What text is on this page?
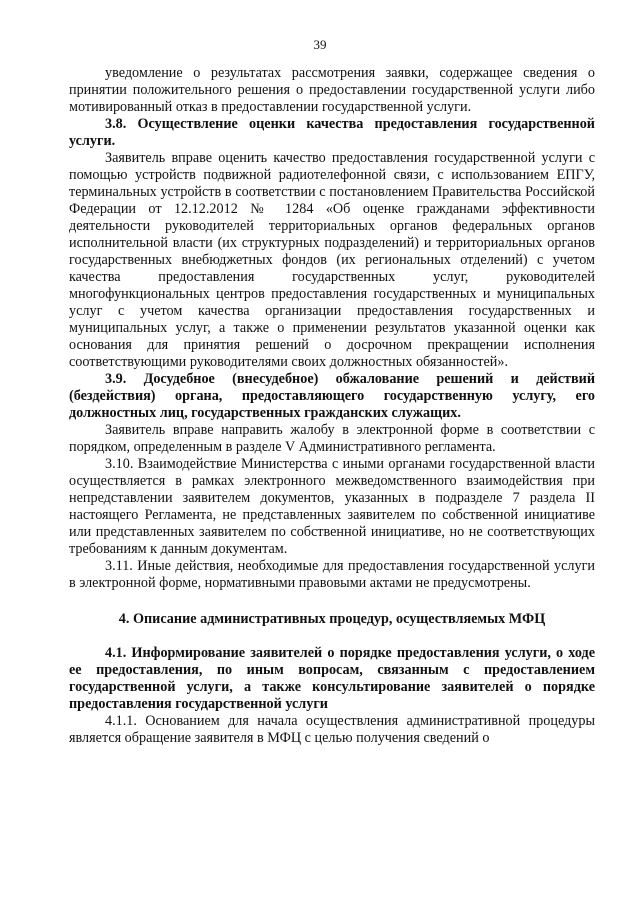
39

уведомление о результатах рассмотрения заявки, содержащее сведения о принятии положительного решения о предоставлении государственной услуги либо мотивированный отказ в предоставлении государственной услуги.

3.8. Осуществление оценки качества предоставления государственной услуги.

Заявитель вправе оценить качество предоставления государственной услуги с помощью устройств подвижной радиотелефонной связи, с использованием ЕПГУ, терминальных устройств в соответствии с постановлением Правительства Российской Федерации от 12.12.2012 № 1284 «Об оценке гражданами эффективности деятельности руководителей территориальных органов федеральных органов исполнительной власти (их структурных подразделений) и территориальных органов государственных внебюджетных фондов (их региональных отделений) с учетом качества предоставления государственных услуг, руководителей многофункциональных центров предоставления государственных и муниципальных услуг с учетом качества организации предоставления государственных и муниципальных услуг, а также о применении результатов указанной оценки как основания для принятия решений о досрочном прекращении исполнения соответствующими руководителями своих должностных обязанностей».

3.9. Досудебное (внесудебное) обжалование решений и действий (бездействия) органа, предоставляющего государственную услугу, его должностных лиц, государственных гражданских служащих.

Заявитель вправе направить жалобу в электронной форме в соответствии с порядком, определенным в разделе V Административного регламента.

3.10. Взаимодействие Министерства с иными органами государственной власти осуществляется в рамках электронного межведомственного взаимодействия при непредставлении заявителем документов, указанных в подразделе 7 раздела II настоящего Регламента, не представленных заявителем по собственной инициативе или представленных заявителем по собственной инициативе, но не соответствующих требованиям к данным документам.

3.11. Иные действия, необходимые для предоставления государственной услуги в электронной форме, нормативными правовыми актами не предусмотрены.

4. Описание административных процедур, осуществляемых МФЦ

4.1. Информирование заявителей о порядке предоставления услуги, о ходе ее предоставления, по иным вопросам, связанным с предоставлением государственной услуги, а также консультирование заявителей о порядке предоставления государственной услуги

4.1.1. Основанием для начала осуществления административной процедуры является обращение заявителя в МФЦ с целью получения сведений о
